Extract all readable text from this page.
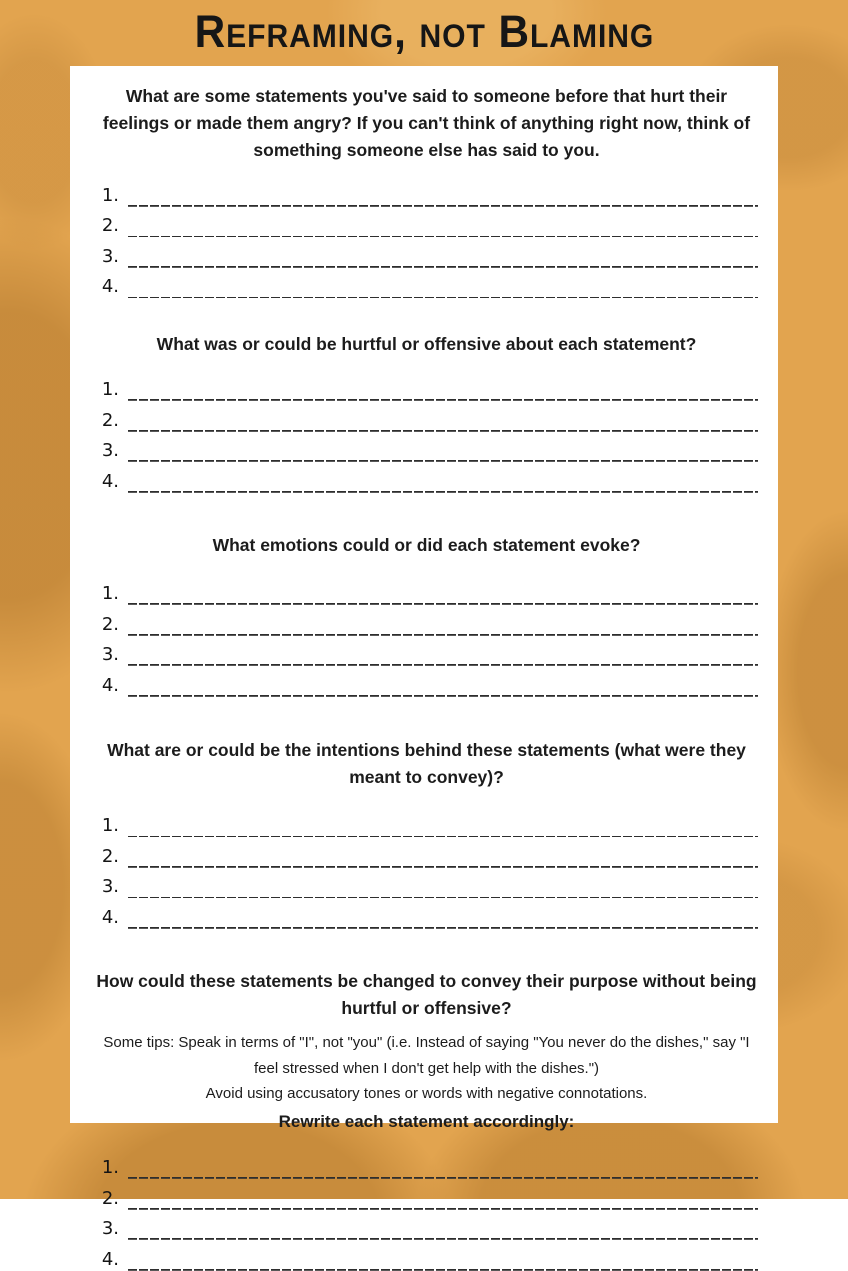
Reframing, not Blaming

What are some statements you've said to someone before that hurt their feelings or made them angry? If you can't think of anything right now, think of something someone else has said to you.

1.
2.
3.
4.

What was or could be hurtful or offensive about each statement?

1.
2.
3.
4.

What emotions could or did each statement evoke?

1.
2.
3.
4.

What are or could be the intentions behind these statements (what were they meant to convey)?

1.
2.
3.
4.

How could these statements be changed to convey their purpose without being hurtful or offensive?

Some tips: Speak in terms of "I", not "you" (i.e. Instead of saying "You never do the dishes," say "I feel stressed when I don't get help with the dishes.")

Avoid using accusatory tones or words with negative connotations.

Rewrite each statement accordingly:

1.
2.
3.
4.
